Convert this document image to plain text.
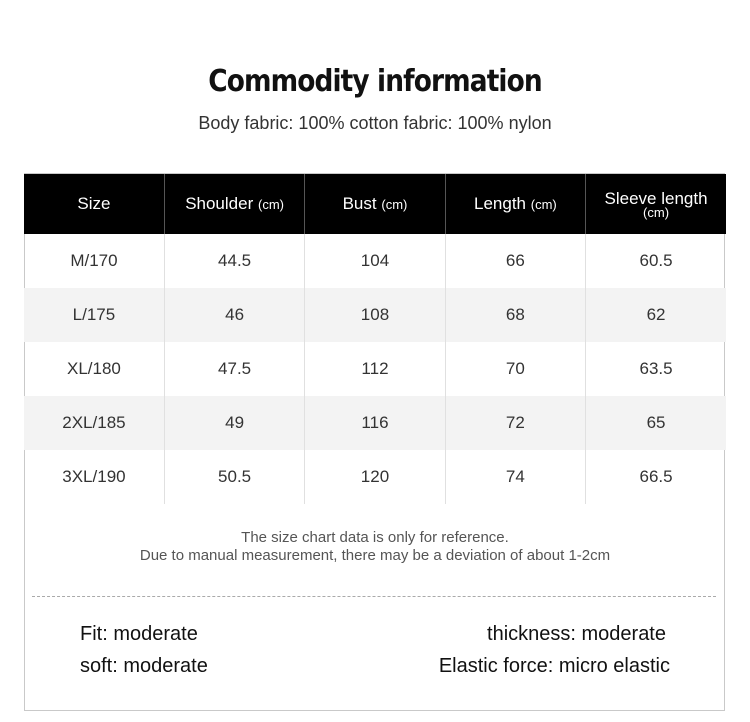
Commodity information
Body fabric: 100% cotton fabric: 100% nylon
Size	Shoulder (cm)	Bust (cm)	Length (cm)	Sleeve length
(cm)

M/170	44.5	104	66	60.5
L/175	46	108	68	62
XL/180	47.5	112	70	63.5
2XL/185	49	116	72	65
3XL/190	50.5	120	74	66.5
The size chart data is only for reference.
Due to manual measurement, there may be a deviation of about 1-2cm
Fit: moderate	thickness: moderate
soft: moderate	Elastic force: micro elastic
